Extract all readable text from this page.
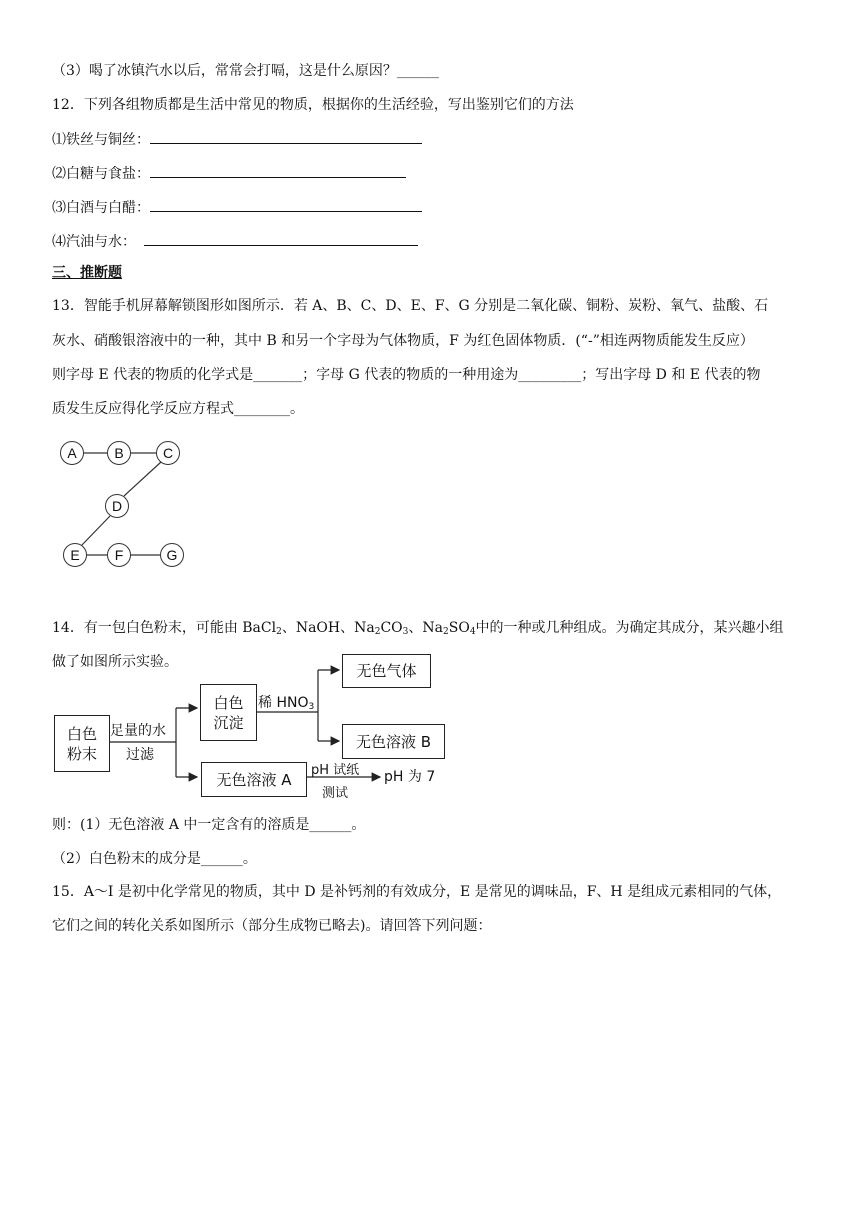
（3）喝了冰镇汽水以后，常常会打嗝，这是什么原因？______
12．下列各组物质都是生活中常见的物质，根据你的生活经验，写出鉴别它们的方法
⑴铁丝与铜丝：
⑵白糖与食盐：
⑶白酒与白醋：
⑷汽油与水：
三、推断题
13．智能手机屏幕解锁图形如图所示．若 A、B、C、D、E、F、G 分别是二氧化碳、铜粉、炭粉、氧气、盐酸、石
灰水、硝酸银溶液中的一种，其中 B 和另一个字母为气体物质，F 为红色固体物质．(“-”相连两物质能发生反应）
则字母 E 代表的物质的化学式是_______；字母 G 代表的物质的一种用途为_________；写出字母 D 和 E 代表的物
质发生反应得化学反应方程式________。
A	B	C
D
E	F	G
14．有一包白色粉末，可能由 BaCl$_2$、NaOH、$Na_2CO_3$、$Na_2SO_4$中的一种或几种组成。为确定其成分，某兴趣小组
做了如图所示实验。
白色
粉末
足量的水
过滤
白色
沉淀
稀 $HNO_3$
无色气体
无色溶液 B
无色溶液 A	pH 试纸
测试
pH 为 7
则：(1）无色溶液 A 中一定含有的溶质是______。
（2）白色粉末的成分是______。
15．A～I 是初中化学常见的物质，其中 D 是补钙剂的有效成分，E 是常见的调味品，F、H 是组成元素相同的气体，
它们之间的转化关系如图所示（部分生成物已略去)。请回答下列问题：
